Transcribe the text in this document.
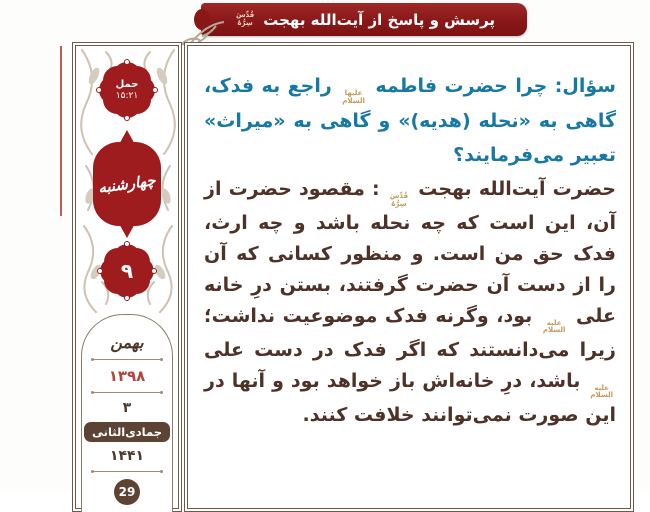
پرسش و پاسخ از آیت‌الله بهجت
قُدِّسَ
سِرُّهُ
حمل
۱۵:۲۱
چهارشنبه
۹
بهمن
۱۳۹۸
۳
جمادی‌الثانی
۱۴۴۱
29

سؤال: چرا حضرت فاطمه
علیها
السلام
راجع به فدک، گاهی به «نحله (هدیه)» و گاهی به «میراث» تعبیر می‌فرمایند؟

حضرت آیت‌الله بهجت
قُدِّسَ
سِرُّهُ
: مقصود حضرت از آن، این است که چه نحله باشد و چه ارث، فدک حق من است. و منظور کسانی که آن را از دست آن حضرت گرفتند، بستن درِ خانه علی
علیه
السلام
بود، وگرنه فدک موضوعیت نداشت؛ زیرا می‌دانستند که اگر فدک در دست علی
علیه
السلام
باشد، درِ خانه‌اش باز خواهد بود و آنها در این صورت نمی‌توانند خلافت کنند.
